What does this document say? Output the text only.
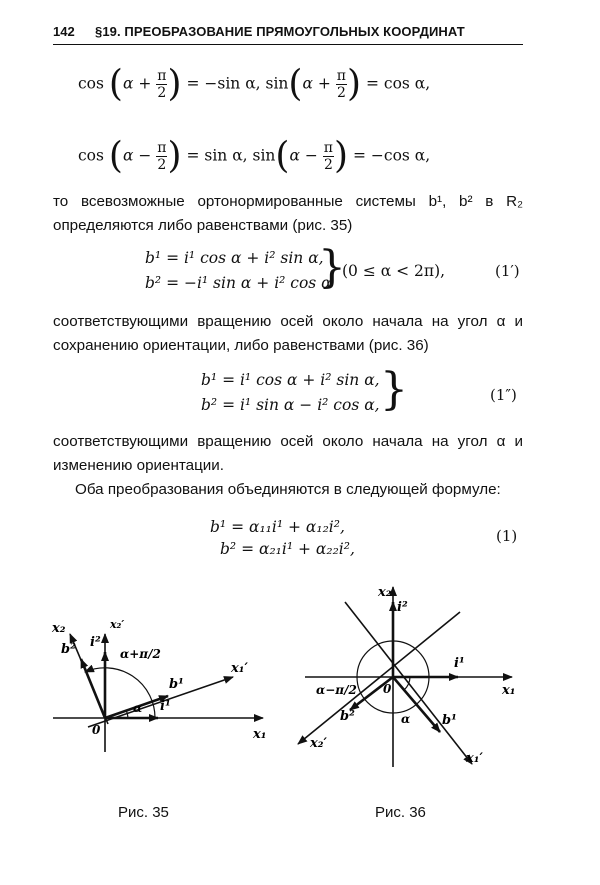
142 §19. ПРЕОБРАЗОВАНИЕ ПРЯМОУГОЛЬНЫХ КООРДИНАТ
$\cos (\alpha + \frac{\pi}{2}$ ) = −sin α, $\sin(\alpha + \frac{\pi}{2}$ ) = cos α,
$\cos (\alpha - \frac{\pi}{2}$ ) = sin α, $\sin(\alpha - \frac{\pi}{2}$ ) = −cos α,
то всевозможные ортонормированные системы b¹, b² в R₂ определяются либо равенствами (рис. 35)
b¹ = i¹ cos α + i² sin α,
b² = −i¹ sin α + i² cos α
}
(0 ≤ α < 2π),	(1′)
соответствующими вращению осей около начала на угол α и сохранению ориентации, либо равенствами (рис. 36)
b¹ = i¹ cos α + i² sin α,
b² = i¹ sin α − i² cos α, }	(1″)
соответствующими вращению осей около начала на угол α и изменению ориентации.
Оба преобразования объединяются в следующей формуле:
b¹ = α₁₁i¹ + α₁₂i²,
b² = α₂₁i¹ + α₂₂i²,
(1)
x₂	x₂′
i²
b²	α+π/2
b¹
x₁′
α i¹
0	x₁
Рис. 35
x₂
i²
i¹
x₁
α−π/2 0
b²	α b¹
x₂′
x₁′
Рис. 36
